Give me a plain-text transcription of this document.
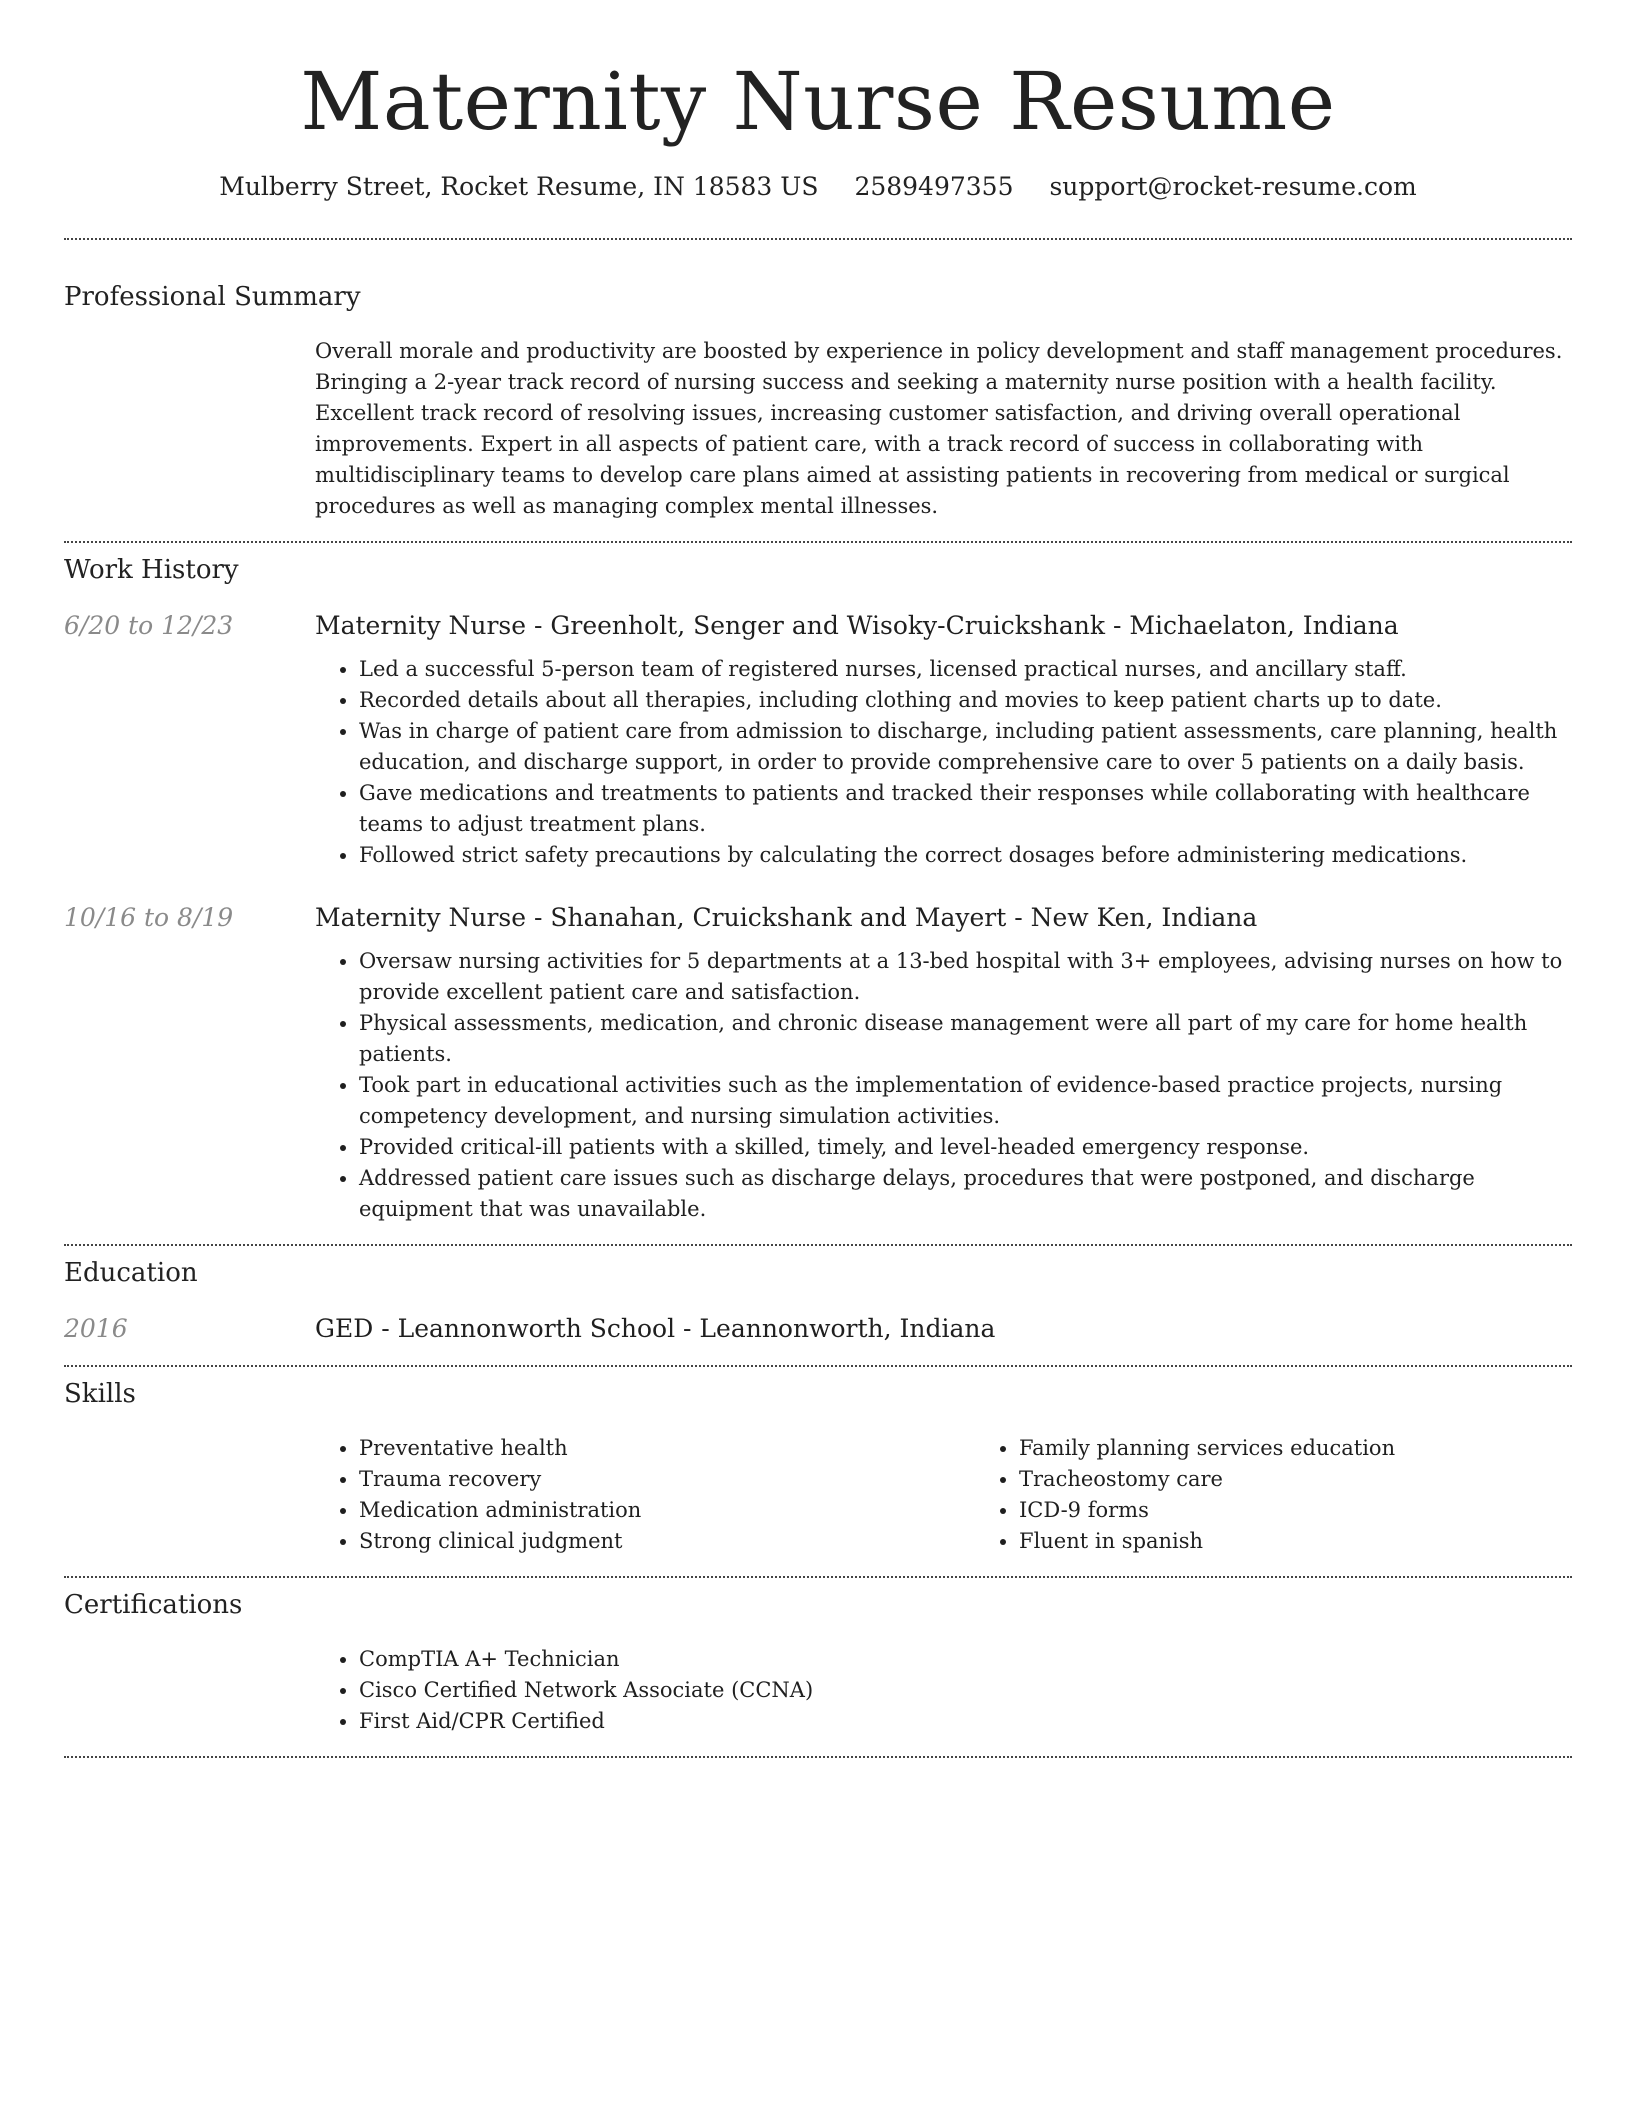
Maternity Nurse Resume
Mulberry Street, Rocket Resume, IN 18583 US 2589497355 support@rocket-resume.com
Professional Summary
Overall morale and productivity are boosted by experience in policy development and staff management procedures. Bringing a 2-year track record of nursing success and seeking a maternity nurse position with a health facility. Excellent track record of resolving issues, increasing customer satisfaction, and driving overall operational improvements. Expert in all aspects of patient care, with a track record of success in collaborating with multidisciplinary teams to develop care plans aimed at assisting patients in recovering from medical or surgical procedures as well as managing complex mental illnesses.
Work History
6/20 to 12/23	Maternity Nurse - Greenholt, Senger and Wisoky-Cruickshank - Michaelaton, Indiana
• Led a successful 5-person team of registered nurses, licensed practical nurses, and ancillary staff.
• Recorded details about all therapies, including clothing and movies to keep patient charts up to date.
• Was in charge of patient care from admission to discharge, including patient assessments, care planning, health education, and discharge support, in order to provide comprehensive care to over 5 patients on a daily basis.
• Gave medications and treatments to patients and tracked their responses while collaborating with healthcare teams to adjust treatment plans.
• Followed strict safety precautions by calculating the correct dosages before administering medications.
10/16 to 8/19	Maternity Nurse - Shanahan, Cruickshank and Mayert - New Ken, Indiana
• Oversaw nursing activities for 5 departments at a 13-bed hospital with 3+ employees, advising nurses on how to provide excellent patient care and satisfaction.
• Physical assessments, medication, and chronic disease management were all part of my care for home health patients.
• Took part in educational activities such as the implementation of evidence-based practice projects, nursing competency development, and nursing simulation activities.
• Provided critical-ill patients with a skilled, timely, and level-headed emergency response.
• Addressed patient care issues such as discharge delays, procedures that were postponed, and discharge equipment that was unavailable.
Education
2016	GED - Leannonworth School - Leannonworth, Indiana
Skills
• Preventative health
• Trauma recovery
• Medication administration
• Strong clinical judgment
• Family planning services education
• Tracheostomy care
• ICD-9 forms
• Fluent in spanish
Certifications
• CompTIA A+ Technician
• Cisco Certified Network Associate (CCNA)
• First Aid/CPR Certified
